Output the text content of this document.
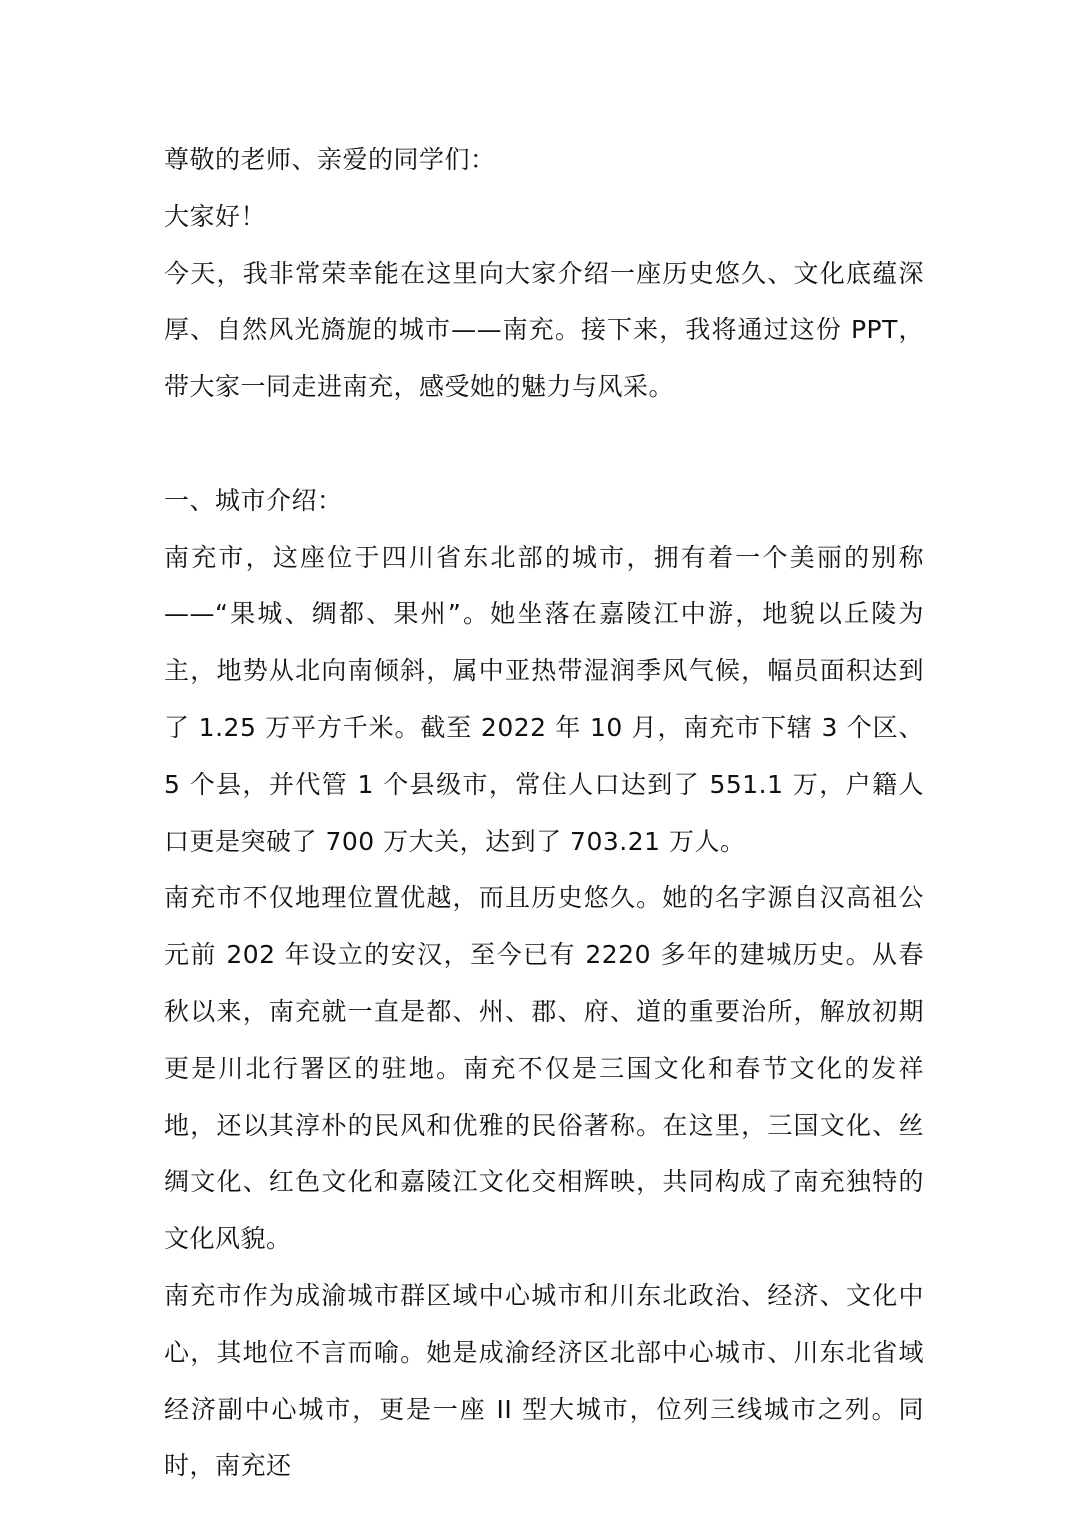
尊敬的老师、亲爱的同学们：

大家好！

今天，我非常荣幸能在这里向大家介绍一座历史悠久、文化底蕴深厚、自然风光旖旎的城市——南充。接下来，我将通过这份 PPT，带大家一同走进南充，感受她的魅力与风采。

一、城市介绍：

南充市，这座位于四川省东北部的城市，拥有着一个美丽的别称——“果城、绸都、果州”。她坐落在嘉陵江中游，地貌以丘陵为主，地势从北向南倾斜，属中亚热带湿润季风气候，幅员面积达到了 1.25 万平方千米。截至 2022 年 10 月，南充市下辖 3 个区、5 个县，并代管 1 个县级市，常住人口达到了 551.1 万，户籍人口更是突破了 700 万大关，达到了 703.21 万人。

南充市不仅地理位置优越，而且历史悠久。她的名字源自汉高祖公元前 202 年设立的安汉，至今已有 2220 多年的建城历史。从春秋以来，南充就一直是都、州、郡、府、道的重要治所，解放初期更是川北行署区的驻地。南充不仅是三国文化和春节文化的发祥地，还以其淳朴的民风和优雅的民俗著称。在这里，三国文化、丝绸文化、红色文化和嘉陵江文化交相辉映，共同构成了南充独特的文化风貌。

南充市作为成渝城市群区域中心城市和川东北政治、经济、文化中心，其地位不言而喻。她是成渝经济区北部中心城市、川东北省域经济副中心城市，更是一座 II 型大城市，位列三线城市之列。同时，南充还
